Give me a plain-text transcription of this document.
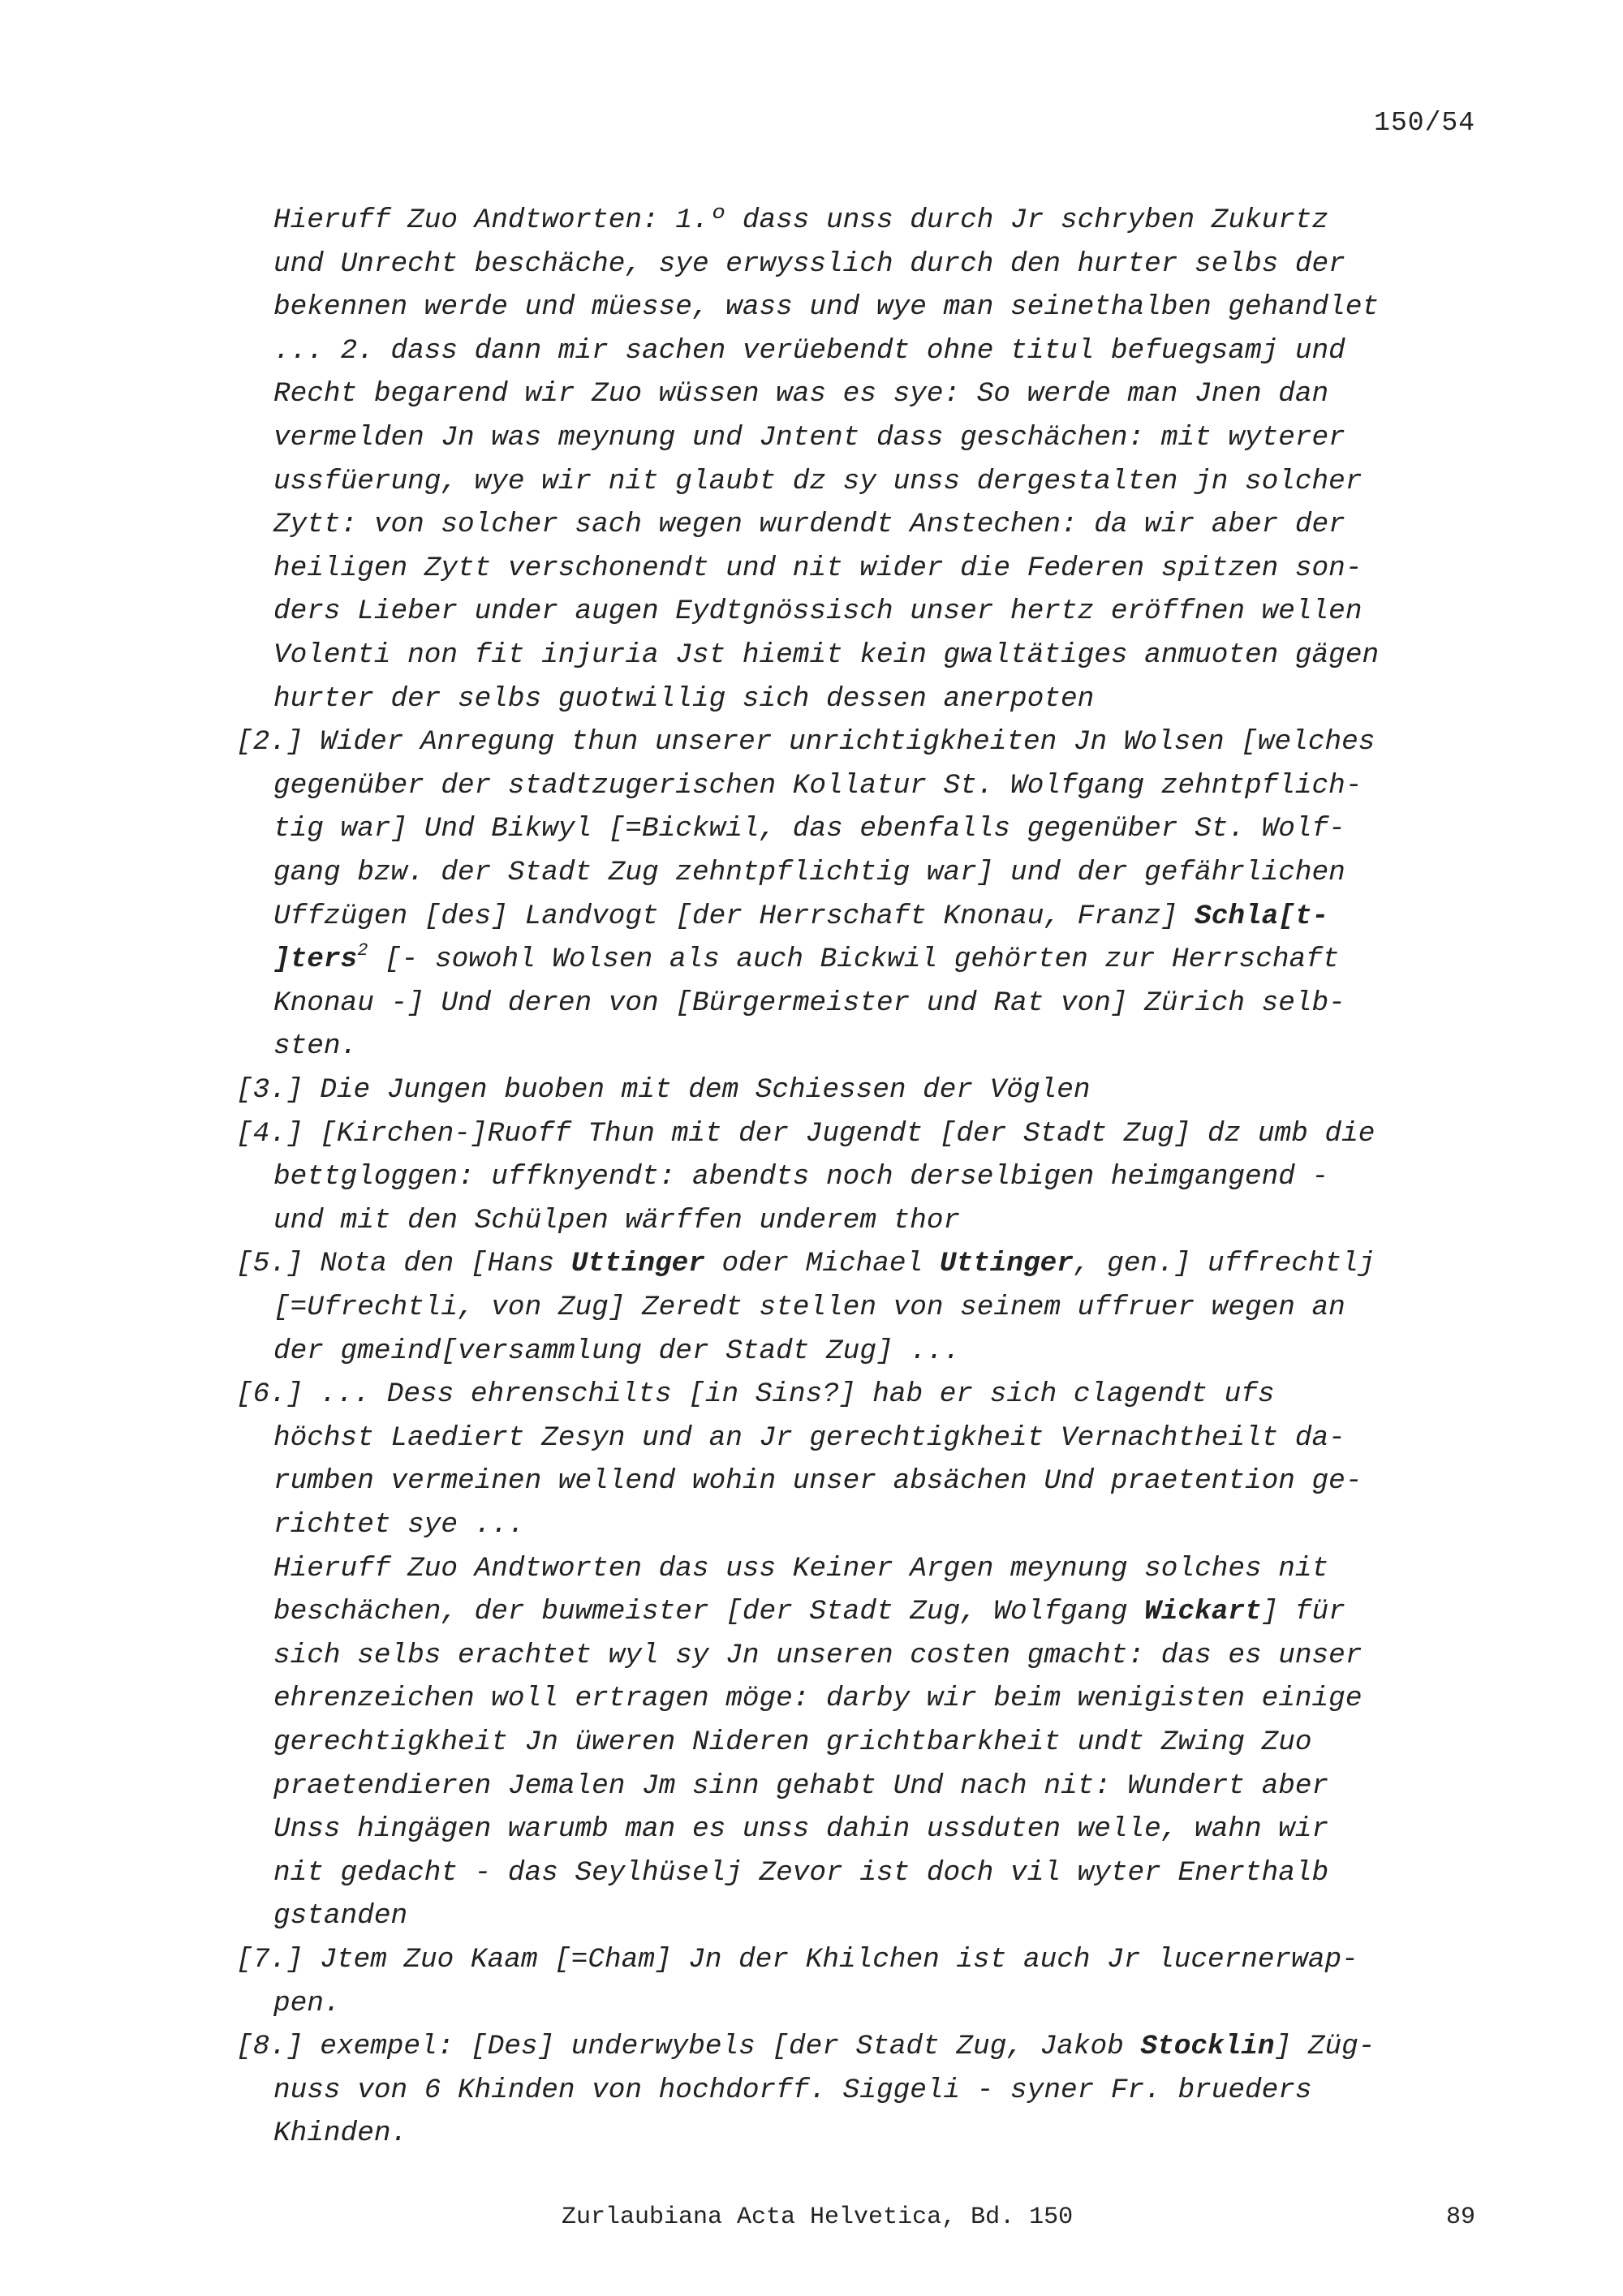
150/54
Hieruff Zuo Andtworten: 1.º dass unss durch Jr schryben Zukurtz
und Unrecht beschäche, sye erwysslich durch den hurter selbs der
bekennen werde und müesse, wass und wye man seinethalben gehandlet
... 2. dass dann mir sachen verüebendt ohne titul befuegsamj und
Recht begarend wir Zuo wüssen was es sye: So werde man Jnen dan
vermelden Jn was meynung und Jntent dass geschächen: mit wyterer
ussfüerung, wye wir nit glaubt dz sy unss dergestalten jn solcher
Zytt: von solcher sach wegen wurdendt Anstechen: da wir aber der
heiligen Zytt verschonendt und nit wider die Federen spitzen son-
ders Lieber under augen Eydtgnössisch unser hertz eröffnen wellen
Volenti non fit injuria Jst hiemit kein gwaltätiges anmuoten gägen
hurter der selbs guotwillig sich dessen anerpoten
[2.] Wider Anregung thun unserer unrichtigkheiten Jn Wolsen [welches
gegenüber der stadtzugerischen Kollatur St. Wolfgang zehntpflich-
tig war] Und Bikwyl [=Bickwil, das ebenfalls gegenüber St. Wolf-
gang bzw. der Stadt Zug zehntpflichtig war] und der gefährlichen
Uffzügen [des] Landvogt [der Herrschaft Knonau, Franz] Schla[t-
]ters$^2$ [- sowohl Wolsen als auch Bickwil gehörten zur Herrschaft
Knonau -] Und deren von [Bürgermeister und Rat von] Zürich selb-
sten.
[3.] Die Jungen buoben mit dem Schiessen der Vöglen
[4.] [Kirchen-]Ruoff Thun mit der Jugendt [der Stadt Zug] dz umb die
bettgloggen: uffknyendt: abendts noch derselbigen heimgangend -
und mit den Schülpen wärffen underem thor
[5.] Nota den [Hans Uttinger oder Michael Uttinger, gen.] uffrechtlj
[=Ufrechtli, von Zug] Zeredt stellen von seinem uffruer wegen an
der gmeind[versammlung der Stadt Zug] ...
[6.] ... Dess ehrenschilts [in Sins?] hab er sich clagendt ufs
höchst Laediert Zesyn und an Jr gerechtigkheit Vernachtheilt da-
rumben vermeinen wellend wohin unser absächen Und praetention ge-
richtet sye ...
Hieruff Zuo Andtworten das uss Keiner Argen meynung solches nit
beschächen, der buwmeister [der Stadt Zug, Wolfgang Wickart] für
sich selbs erachtet wyl sy Jn unseren costen gmacht: das es unser
ehrenzeichen woll ertragen möge: darby wir beim wenigisten einige
gerechtigkheit Jn üweren Nideren grichtbarkheit undt Zwing Zuo
praetendieren Jemalen Jm sinn gehabt Und nach nit: Wundert aber
Unss hingägen warumb man es unss dahin ussduten welle, wahn wir
nit gedacht - das Seylhüselj Zevor ist doch vil wyter Enerthalb
gstanden
[7.] Jtem Zuo Kaam [=Cham] Jn der Khilchen ist auch Jr lucernerwap-
pen.
[8.] exempel: [Des] underwybels [der Stadt Zug, Jakob Stocklin] Züg-
nuss von 6 Khinden von hochdorff. Siggeli - syner Fr. brueders
Khinden.
Zurlaubiana Acta Helvetica, Bd. 150	89
